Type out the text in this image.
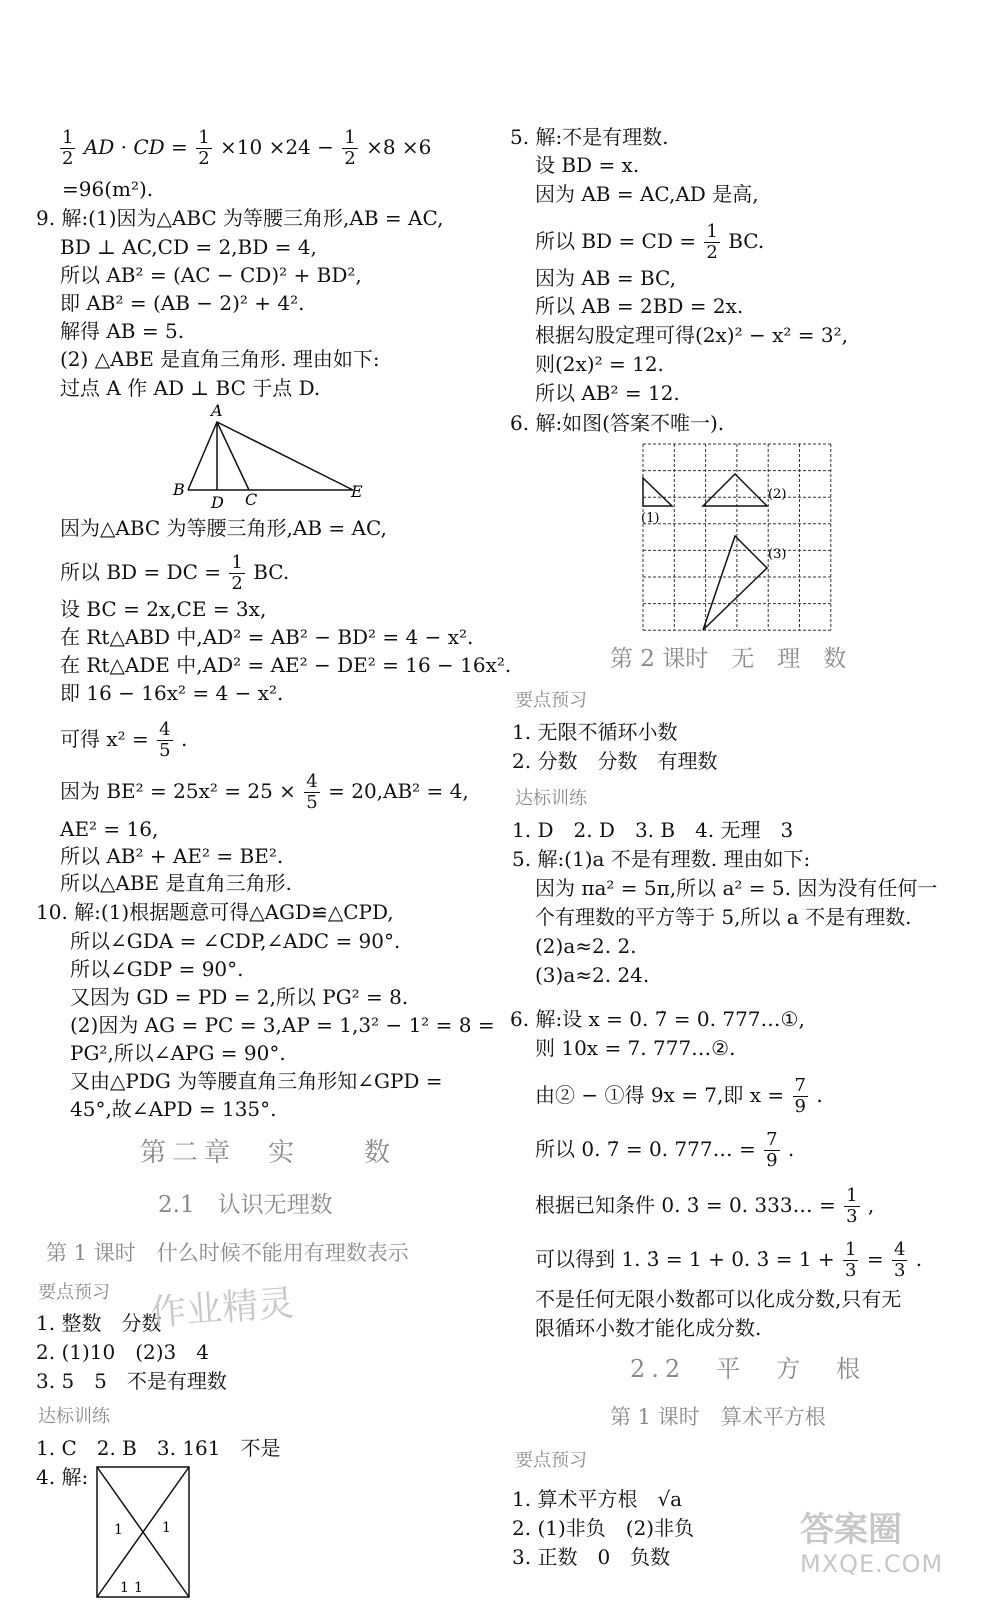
$\frac{1}{2}$ AD · CD = $\frac{1}{2} \times 10 \times 24 - \frac{1}{2} \times 8 \times 6$
=96(m²).
9. 解:(1)因为△ABC 为等腰三角形,AB = AC,
BD ⊥ AC,CD = 2,BD = 4,
所以 AB² = (AC − CD)² + BD²,
即 AB² = (AB − 2)² + 4².
解得 AB = 5.
(2) △ABE 是直角三角形. 理由如下:
过点 A 作 AD ⊥ BC 于点 D.
A
B
D C	E
因为△ABC 为等腰三角形,AB = AC,
所以 BD = DC = $\frac{1}{2}$ BC.
设 BC = 2x,CE = 3x,
在 Rt△ABD 中,AD² = AB² − BD² = 4 − x².
在 Rt△ADE 中,AD² = AE² − DE² = 16 − 16x².
即 16 − 16x² = 4 − x².
可得 $x^2 = \frac{4}{5}$ .
因为 $BE^2 = 25x^2 = 25 \times \frac{4}{5} = 20,AB^2 = 4$,
AE² = 16,
所以 AB² + AE² = BE².
所以△ABE 是直角三角形.
10. 解:(1)根据题意可得△AGD≌△CPD,
所以∠GDA = ∠CDP,∠ADC = 90°.
所以∠GDP = 90°.
又因为 GD = PD = 2,所以 PG² = 8.
(2)因为 AG = PC = 3,AP = 1,3² − 1² = 8 =
PG²,所以∠APG = 90°.
又由△PDG 为等腰直角三角形知∠GPD =
45°,故∠APD = 135°.
第二章　实　　数
2.1　认识无理数
第 1 课时　什么时候不能用有理数表示
要点预习
1. 整数　分数
2. (1)10　(2)3　4
3. 5　5　不是有理数
达标训练
1. C　2. B　3. 161　不是
4. 解:
1	1
1 1
作业精灵
5. 解:不是有理数.
设 BD = x.
因为 AB = AC,AD 是高,
所以 BD = CD = $\frac{1}{2}$ BC.
因为 AB = BC,
所以 AB = 2BD = 2x.
根据勾股定理可得(2x)² − x² = 3²,
则(2x)² = 12.
所以 AB² = 12.
6. 解:如图(答案不唯一).
(1)
(2)
(3)
第 2 课时　无　理　数
要点预习
1. 无限不循环小数
2. 分数　分数　有理数
达标训练
1. D　2. D　3. B　4. 无理　3
5. 解:(1)a 不是有理数. 理由如下:
因为 πa² = 5π,所以 a² = 5. 因为没有任何一
个有理数的平方等于 5,所以 a 不是有理数.
(2)a≈2. 2.
(3)a≈2. 24.
6. 解:设 x = 0. 7̇ = 0. 777…①,
则 10x = 7. 777…②.
由② − ①得 9x = 7,即 $x = \frac{7}{9}$ .
所以 0. 7̇ = 0. 777… = $\frac{7}{9}$ .
根据已知条件 0. 3̇ = 0. 333… = $\frac{1}{3}$ ,
可以得到 1. 3̇ = 1 + 0. 3̇ = $1 + \frac{1}{3} = \frac{4}{3}$ .
不是任何无限小数都可以化成分数,只有无
限循环小数才能化成分数.
2.2　平　方　根
第 1 课时　算术平方根
要点预习
1. 算术平方根　√a
2. (1)非负　(2)非负
3. 正数　0　负数
答案圈
MXQE.COM
